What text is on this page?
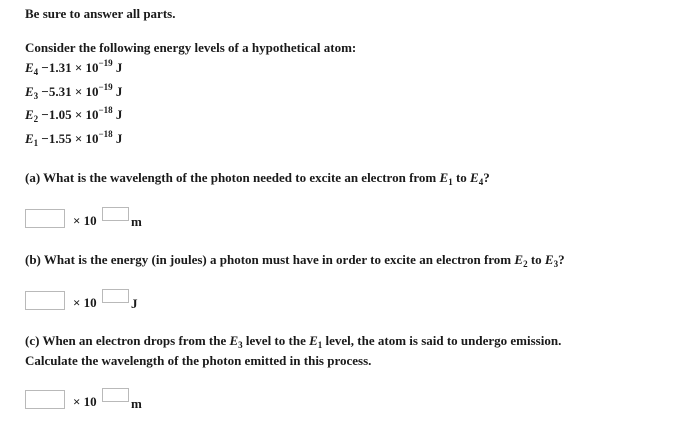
Be sure to answer all parts.
Consider the following energy levels of a hypothetical atom:
$E_4 -1.31 \times 10^{-19}$ J
$E_3 -5.31 \times 10^{-19}$ J
$E_2 -1.05 \times 10^{-18}$ J
$E_1 -1.55 \times 10^{-18}$ J
(a) What is the wavelength of the photon needed to excite an electron from $E_1$ to $E_4$?
× 10	m
(b) What is the energy (in joules) a photon must have in order to excite an electron from $E_2$ to $E_3$?
× 10	J
(c) When an electron drops from the $E_3$ level to the $E_1$ level, the atom is said to undergo emission.
Calculate the wavelength of the photon emitted in this process.
× 10	m
